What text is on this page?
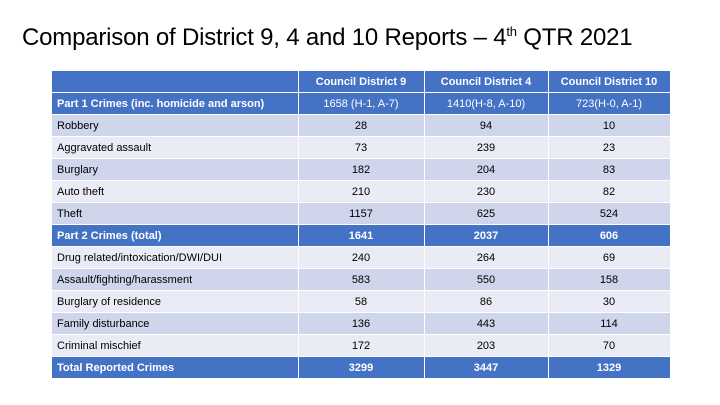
Comparison of District 9, 4 and 10 Reports – 4th QTR 2021
	Council District 9	Council District 4	Council District 10
Part 1 Crimes (inc. homicide and arson)	1658 (H-1, A-7)	1410(H-8, A-10)	723(H-0, A-1)
Robbery	28	94	10
Aggravated assault	73	239	23
Burglary	182	204	83
Auto theft	210	230	82
Theft	1157	625	524
Part 2 Crimes (total)	1641	2037	606
Drug related/intoxication/DWI/DUI	240	264	69
Assault/fighting/harassment	583	550	158
Burglary of residence	58	86	30
Family disturbance	136	443	114
Criminal mischief	172	203	70
Total Reported Crimes	3299	3447	1329
